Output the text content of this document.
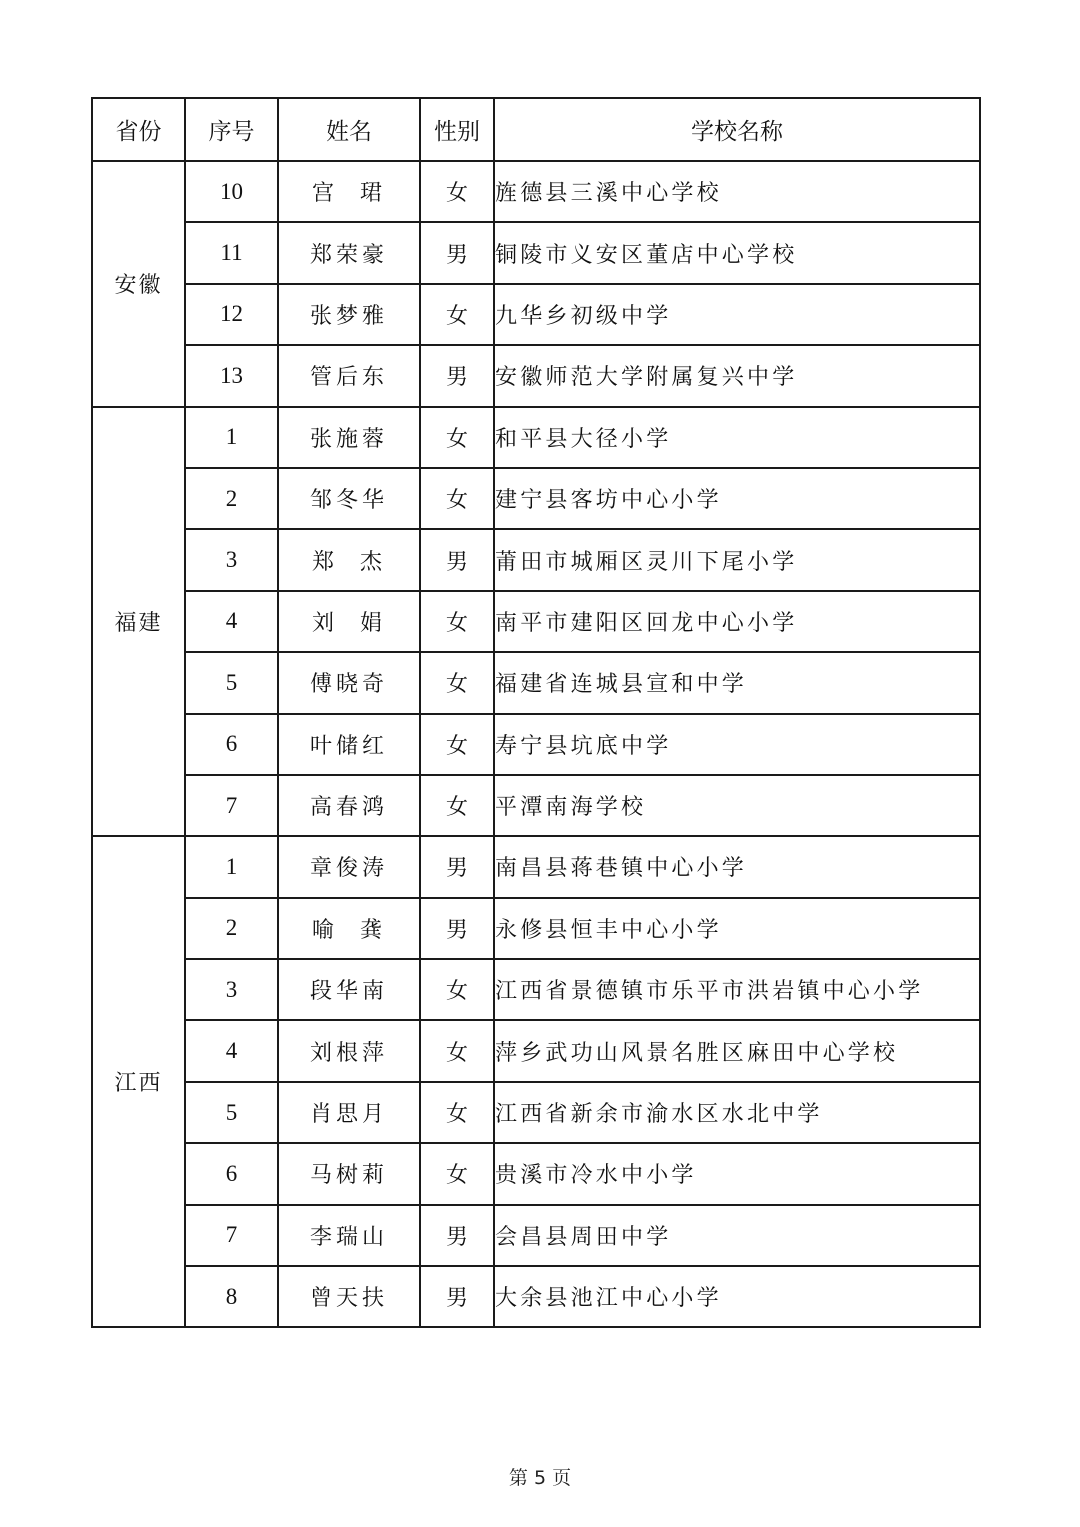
省份	序号	姓名	性别	学校名称
安徽	10	宫  珺	女	旌德县三溪中心学校
	11	郑荣豪	男	铜陵市义安区董店中心学校
	12	张梦雅	女	九华乡初级中学
	13	管后东	男	安徽师范大学附属复兴中学
福建	1	张施蓉	女	和平县大径小学
	2	邹冬华	女	建宁县客坊中心小学
	3	郑  杰	男	莆田市城厢区灵川下尾小学
	4	刘  娟	女	南平市建阳区回龙中心小学
	5	傅晓奇	女	福建省连城县宣和中学
	6	叶储红	女	寿宁县坑底中学
	7	高春鸿	女	平潭南海学校
江西	1	章俊涛	男	南昌县蒋巷镇中心小学
	2	喻  龚	男	永修县恒丰中心小学
	3	段华南	女	江西省景德镇市乐平市洪岩镇中心小学
	4	刘根萍	女	萍乡武功山风景名胜区麻田中心学校
	5	肖思月	女	江西省新余市渝水区水北中学
	6	马树莉	女	贵溪市冷水中小学
	7	李瑞山	男	会昌县周田中学
	8	曾天扶	男	大余县池江中心小学
第 5 页
